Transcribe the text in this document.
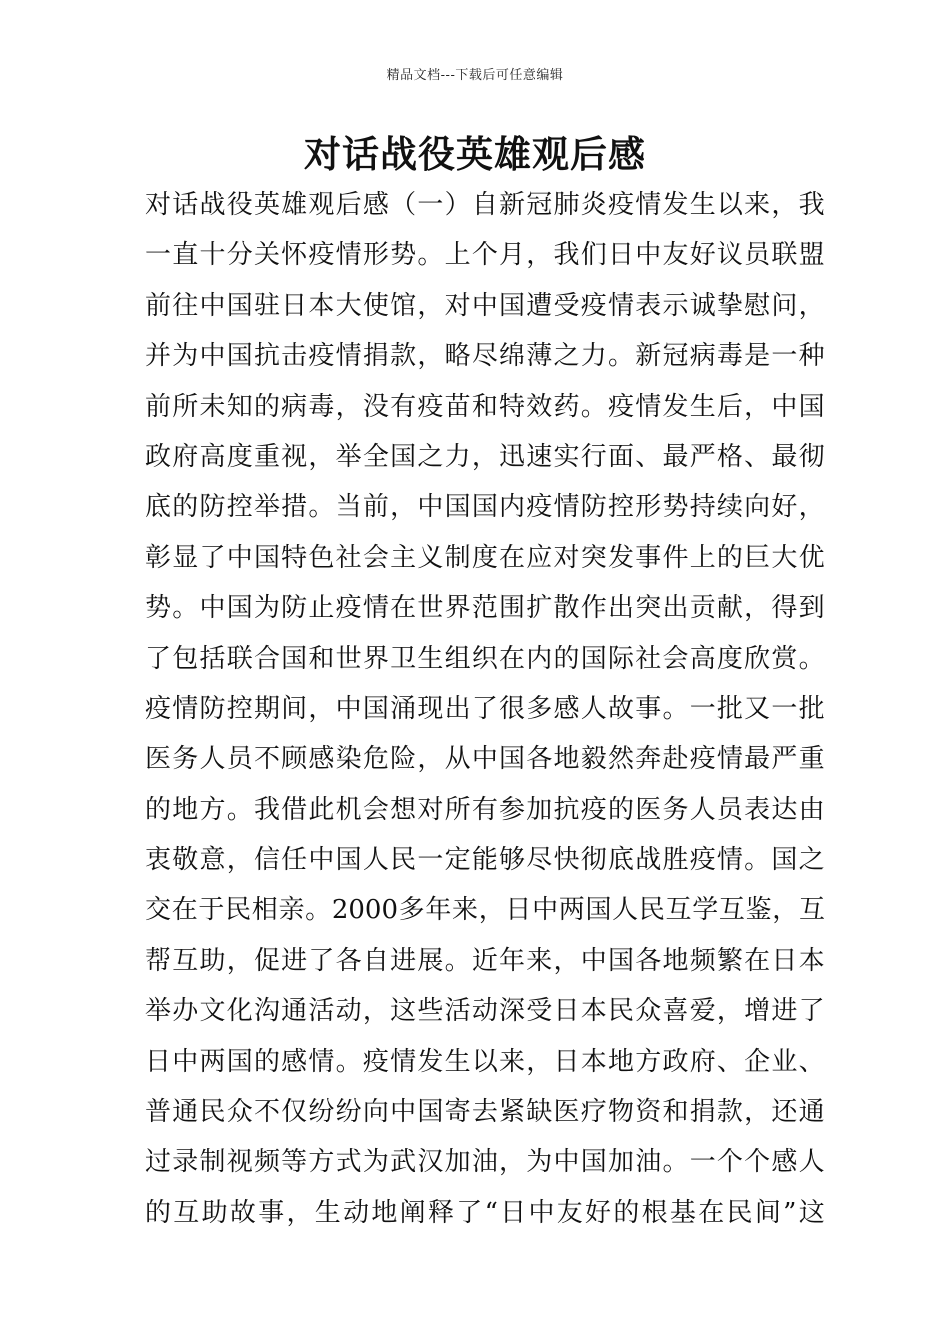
精品文档---下载后可任意编辑
对话战役英雄观后感
对 话 战 役 英 雄 观 后 感 （ 一 ） 自 新 冠 肺 炎 疫 情 发 生 以 来 ， 我
一 直 十 分 关 怀 疫 情 形 势 。 上 个 月 ， 我 们 日 中 友 好 议 员 联 盟
前 往 中 国 驻 日 本 大 使 馆 ， 对 中 国 遭 受 疫 情 表 示 诚 挚 慰 问 ，
并 为 中 国 抗 击 疫 情 捐 款 ， 略 尽 绵 薄 之 力 。 新 冠 病 毒 是 一 种
前 所 未 知 的 病 毒 ， 没 有 疫 苗 和 特 效 药 。 疫 情 发 生 后 ， 中 国
政 府 高 度 重 视 ， 举 全 国 之 力 ， 迅 速 实 行 面 、 最 严 格 、 最 彻
底 的 防 控 举 措 。 当 前 ， 中 国 国 内 疫 情 防 控 形 势 持 续 向 好 ，
彰 显 了 中 国 特 色 社 会 主 义 制 度 在 应 对 突 发 事 件 上 的 巨 大 优
势 。 中 国 为 防 止 疫 情 在 世 界 范 围 扩 散 作 出 突 出 贡 献 ， 得 到
了 包 括 联 合 国 和 世 界 卫 生 组 织 在 内 的 国 际 社 会 高 度 欣 赏 。
疫 情 防 控 期 间 ， 中 国 涌 现 出 了 很 多 感 人 故 事 。 一 批 又 一 批
医 务 人 员 不 顾 感 染 危 险 ， 从 中 国 各 地 毅 然 奔 赴 疫 情 最 严 重
的 地 方 。 我 借 此 机 会 想 对 所 有 参 加 抗 疫 的 医 务 人 员 表 达 由
衷 敬 意 ， 信 任 中 国 人 民 一 定 能 够 尽 快 彻 底 战 胜 疫 情 。 国 之
交 在 于 民 相 亲 。 2000 多 年 来 ， 日 中 两 国 人 民 互 学 互 鉴 ， 互
帮 互 助 ， 促 进 了 各 自 进 展 。 近 年 来 ， 中 国 各 地 频 繁 在 日 本
举 办 文 化 沟 通 活 动 ， 这 些 活 动 深 受 日 本 民 众 喜 爱 ， 增 进 了
日 中 两 国 的 感 情 。 疫 情 发 生 以 来 ， 日 本 地 方 政 府 、 企 业 、
普 通 民 众 不 仅 纷 纷 向 中 国 寄 去 紧 缺 医 疗 物 资 和 捐 款 ， 还 通
过 录 制 视 频 等 方 式 为 武 汉 加 油 ， 为 中 国 加 油 。 一 个 个 感 人
的 互 助 故 事 ， 生 动 地 阐 释 了 “ 日 中 友 好 的 根 基 在 民 间 ” 这
